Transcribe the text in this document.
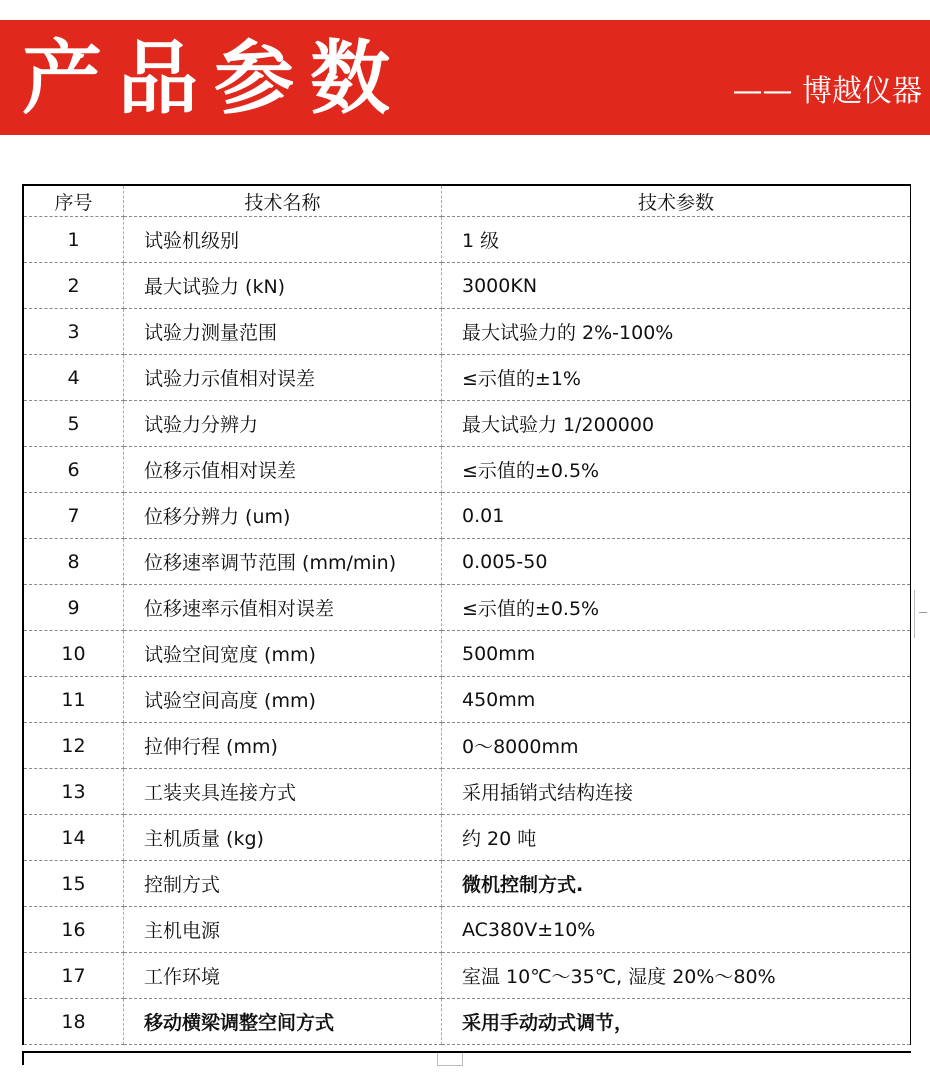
产品参数	—— 博越仪器
序号	技术名称	技术参数
1	试验机级别	1 级
2	最大试验力 (kN)	3000KN
3	试验力测量范围	最大试验力的 2%-100%
4	试验力示值相对误差	≤示值的±1%
5	试验力分辨力	最大试验力 1/200000
6	位移示值相对误差	≤示值的±0.5%
7	位移分辨力 (um)	0.01
8	位移速率调节范围 (mm/min)	0.005-50
9	位移速率示值相对误差	≤示值的±0.5%
10	试验空间宽度 (mm)	500mm
11	试验空间高度 (mm)	450mm
12	拉伸行程 (mm)	0～8000mm
13	工装夹具连接方式	采用插销式结构连接
14	主机质量 (kg)	约 20 吨
15	控制方式	微机控制方式.
16	主机电源	AC380V±10%
17	工作环境	室温 10℃～35℃, 湿度 20%～80%
18	移动横梁调整空间方式	采用手动动式调节，
